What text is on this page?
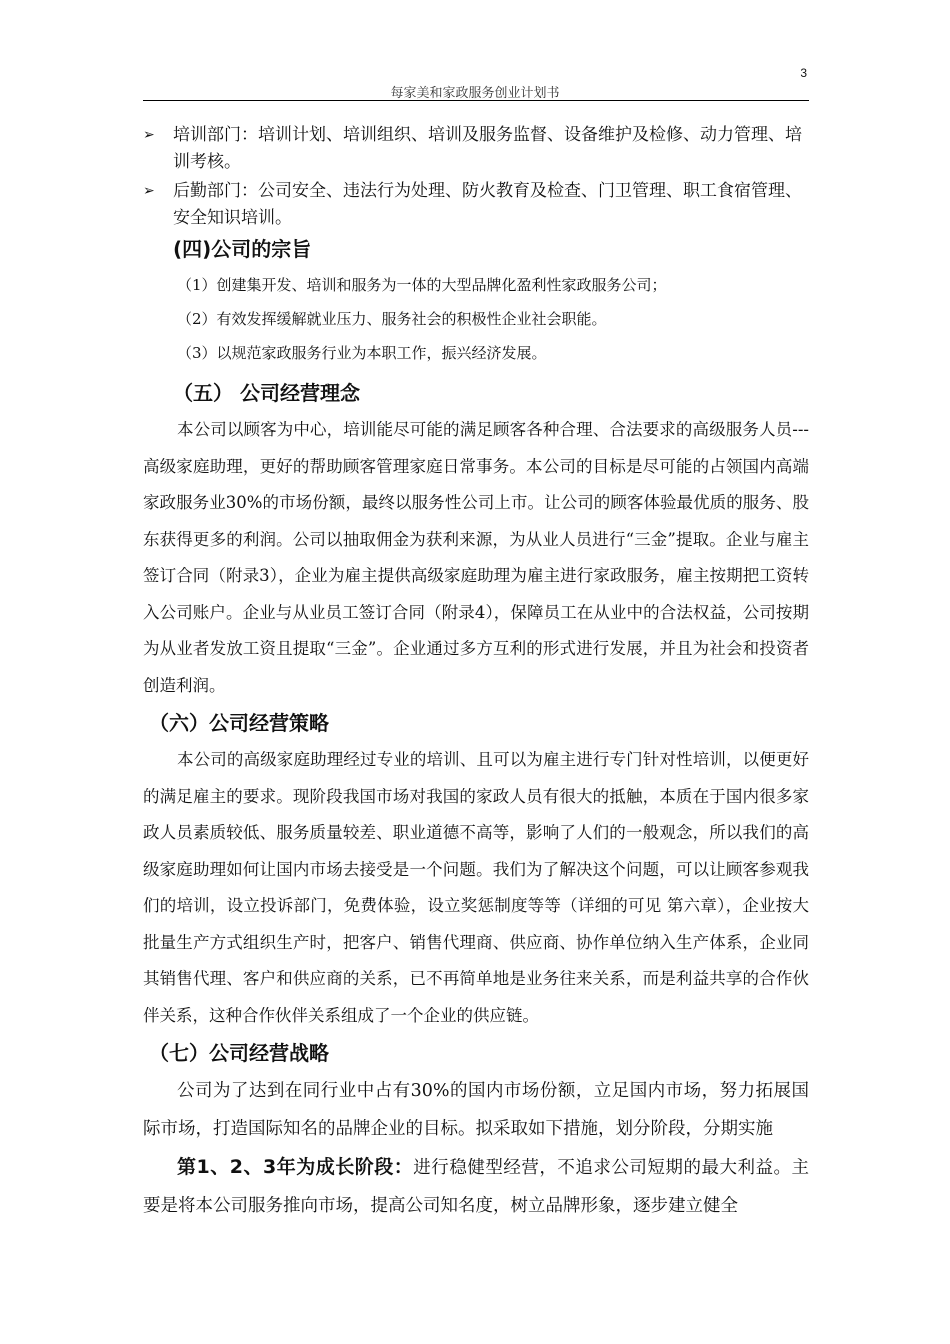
3
每家美和家政服务创业计划书
➢	培训部门：培训计划、培训组织、培训及服务监督、设备维护及检修、动力管理、培训考核。
➢	后勤部门：公司安全、违法行为处理、防火教育及检查、门卫管理、职工食宿管理、安全知识培训。
(四)公司的宗旨
（1）创建集开发、培训和服务为一体的大型品牌化盈利性家政服务公司；
（2）有效发挥缓解就业压力、服务社会的积极性企业社会职能。
（3）以规范家政服务行业为本职工作，振兴经济发展。
（五） 公司经营理念

本公司以顾客为中心，培训能尽可能的满足顾客各种合理、合法要求的高级服务人员---高级家庭助理，更好的帮助顾客管理家庭日常事务。本公司的目标是尽可能的占领国内高端家政服务业30%的市场份额，最终以服务性公司上市。让公司的顾客体验最优质的服务、股东获得更多的利润。公司以抽取佣金为获利来源，为从业人员进行“三金”提取。企业与雇主签订合同（附录3），企业为雇主提供高级家庭助理为雇主进行家政服务，雇主按期把工资转入公司账户。企业与从业员工签订合同（附录4），保障员工在从业中的合法权益，公司按期为从业者发放工资且提取“三金”。企业通过多方互利的形式进行发展，并且为社会和投资者创造利润。

（六）公司经营策略

本公司的高级家庭助理经过专业的培训、且可以为雇主进行专门针对性培训，以便更好的满足雇主的要求。现阶段我国市场对我国的家政人员有很大的抵触，本质在于国内很多家政人员素质较低、服务质量较差、职业道德不高等，影响了人们的一般观念，所以我们的高级家庭助理如何让国内市场去接受是一个问题。我们为了解决这个问题，可以让顾客参观我们的培训，设立投诉部门，免费体验，设立奖惩制度等等（详细的可见 第六章），企业按大批量生产方式组织生产时，把客户、销售代理商、供应商、协作单位纳入生产体系，企业同其销售代理、客户和供应商的关系，已不再简单地是业务往来关系，而是利益共享的合作伙伴关系，这种合作伙伴关系组成了一个企业的供应链。

（七）公司经营战略

公司为了达到在同行业中占有30%的国内市场份额，立足国内市场，努力拓展国际市场，打造国际知名的品牌企业的目标。拟采取如下措施，划分阶段，分期实施

第1、2、3年为成长阶段：进行稳健型经营，不追求公司短期的最大利益。主要是将本公司服务推向市场，提高公司知名度，树立品牌形象，逐步建立健全
